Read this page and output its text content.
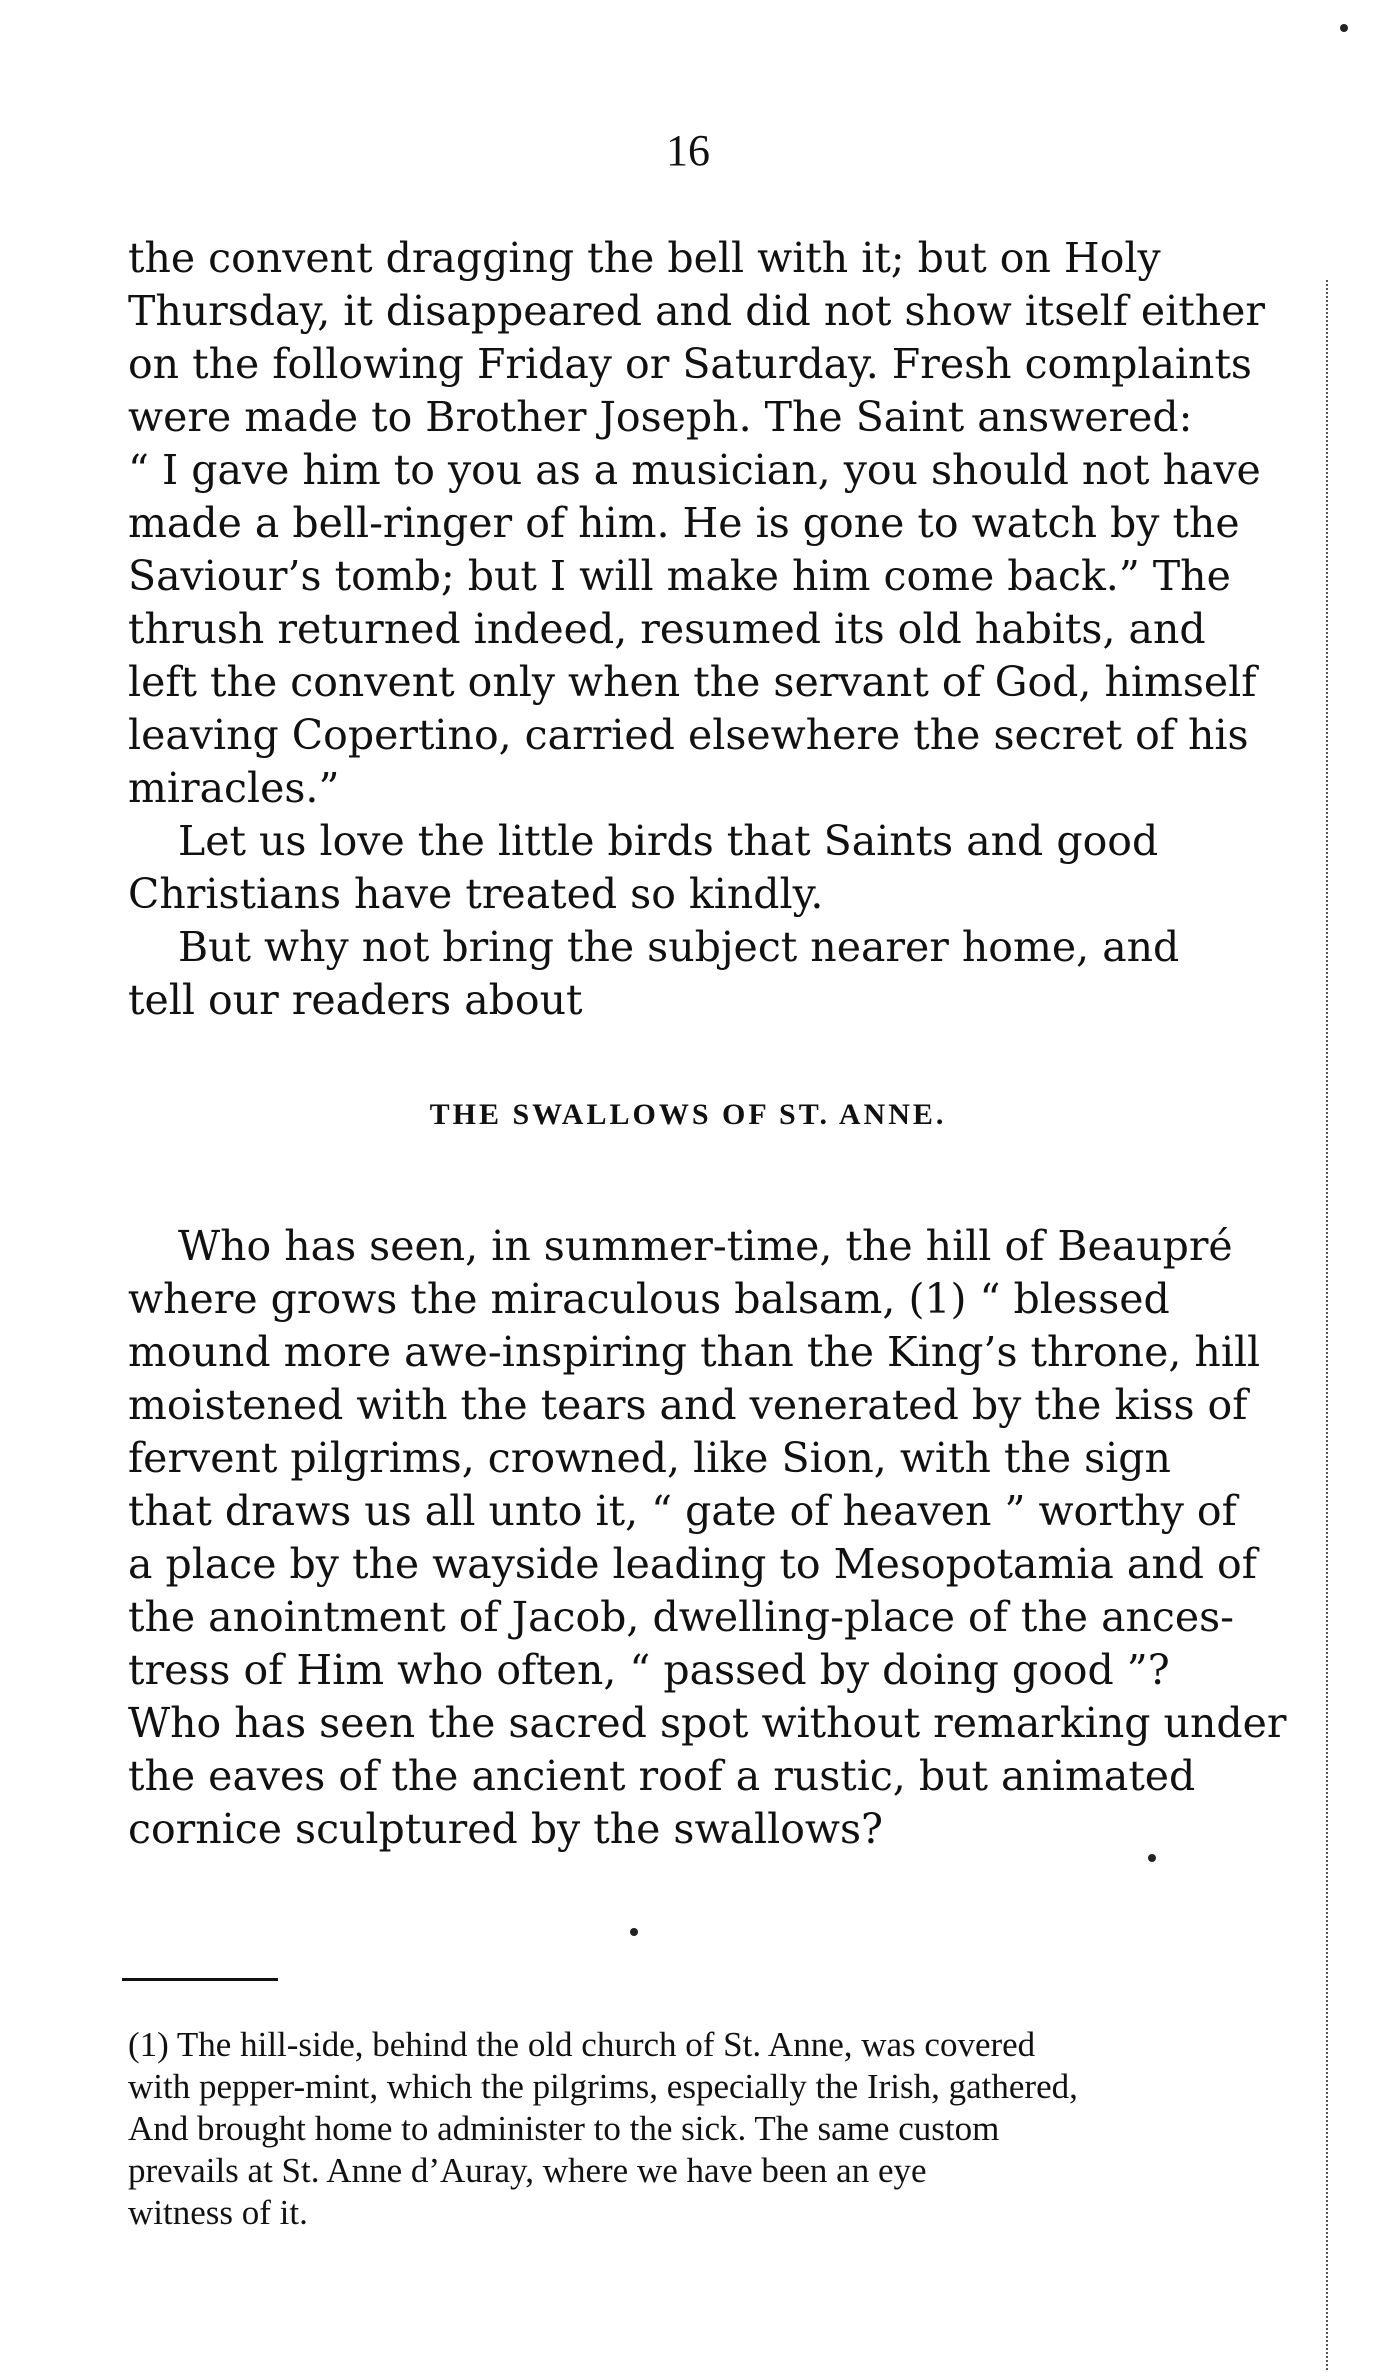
16
the convent dragging the bell with it; but on Holy
Thursday, it disappeared and did not show itself either
on the following Friday or Saturday. Fresh complaints
were made to Brother Joseph. The Saint answered:
“ I gave him to you as a musician, you should not have
made a bell-ringer of him. He is gone to watch by the
Saviour’s tomb; but I will make him come back.” The
thrush returned indeed, resumed its old habits, and
left the convent only when the servant of God, himself
leaving Copertino, carried elsewhere the secret of his
miracles.”
Let us love the little birds that Saints and good
Christians have treated so kindly.
But why not bring the subject nearer home, and
tell our readers about
THE SWALLOWS OF ST. ANNE.
Who has seen, in summer-time, the hill of Beaupré
where grows the miraculous balsam, (1) “ blessed
mound more awe-inspiring than the King’s throne, hill
moistened with the tears and venerated by the kiss of
fervent pilgrims, crowned, like Sion, with the sign
that draws us all unto it, “ gate of heaven ” worthy of
a place by the wayside leading to Mesopotamia and of
the anointment of Jacob, dwelling-place of the ances-
tress of Him who often, “ passed by doing good ”?
Who has seen the sacred spot without remarking under
the eaves of the ancient roof a rustic, but animated
cornice sculptured by the swallows?
(1) The hill-side, behind the old church of St. Anne, was covered
with pepper-mint, which the pilgrims, especially the Irish, gathered,
And brought home to administer to the sick. The same custom
prevails at St. Anne d’Auray, where we have been an eye
witness of it.
